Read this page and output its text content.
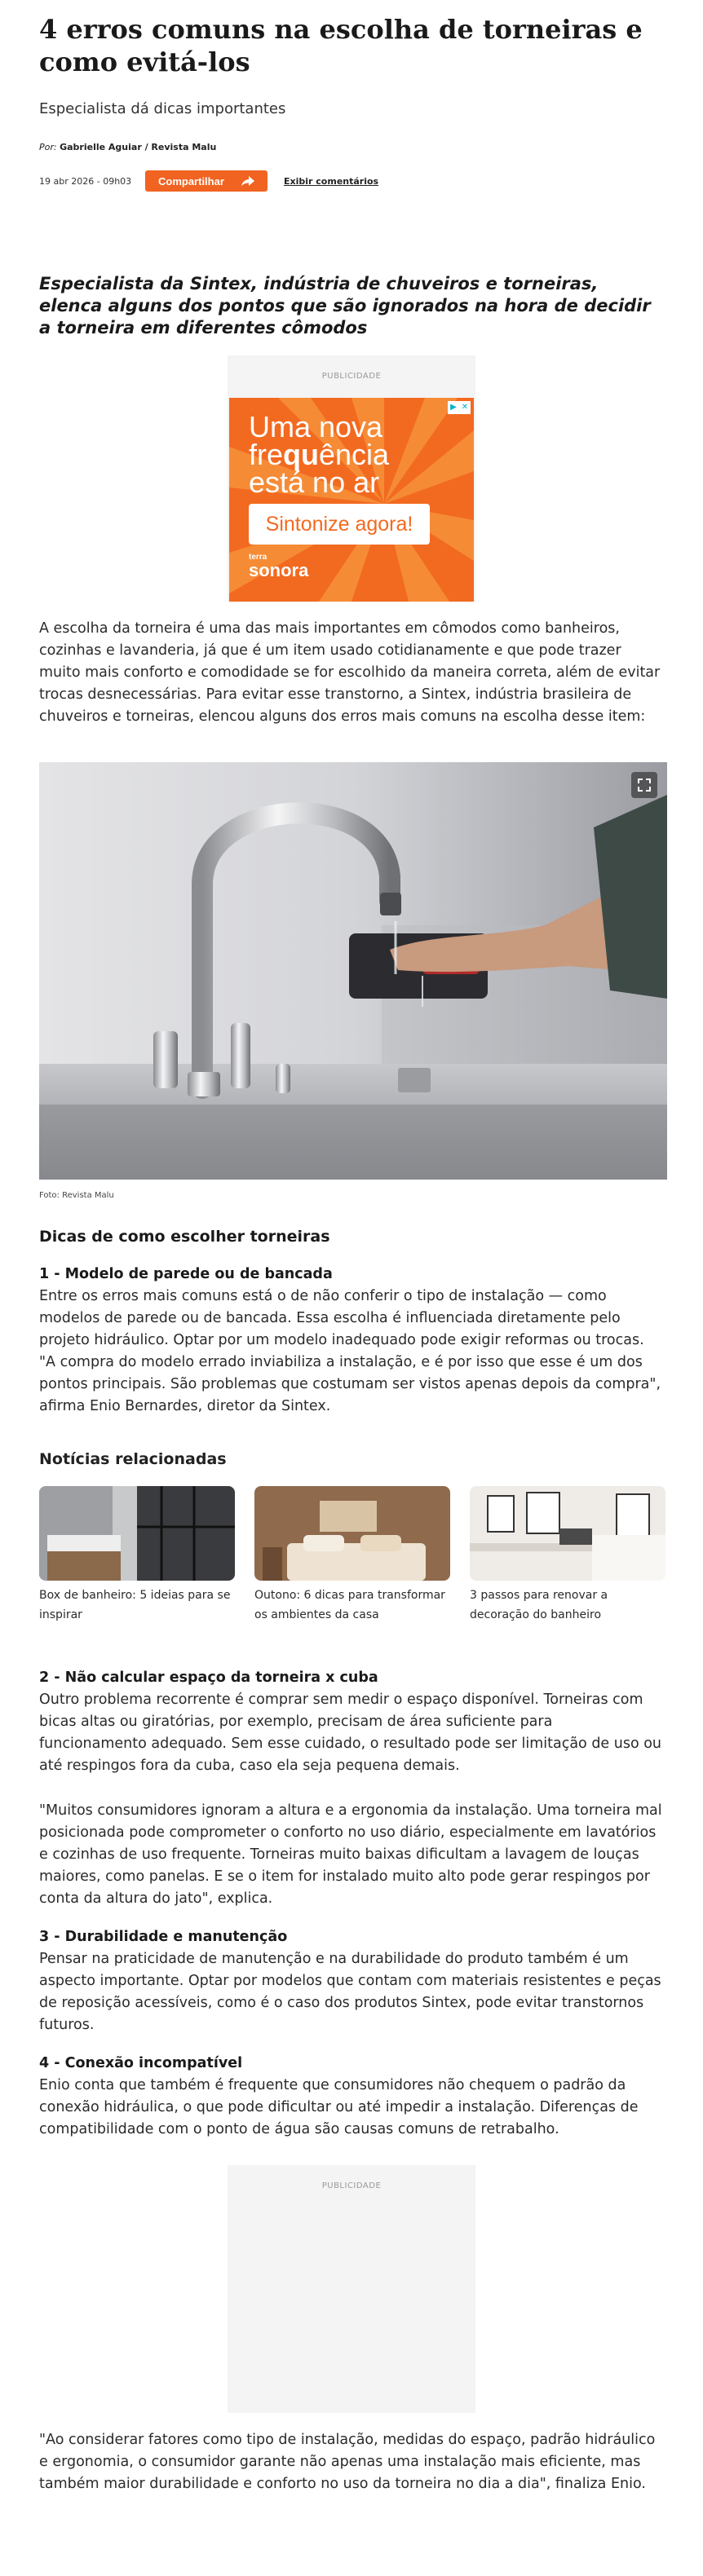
4 erros comuns na escolha de torneiras e como evitá-los
Especialista dá dicas importantes
Por: Gabrielle Aguiar / Revista Malu
19 abr 2026 - 09h03	Compartilhar	Exibir comentários
Especialista da Sintex, indústria de chuveiros e torneiras, elenca alguns dos pontos que são ignorados na hora de decidir a torneira em diferentes cômodos
PUBLICIDADE
▶ ✕
Uma nova
frequência
está no ar
Sintonize agora!
terra
sonora

A escolha da torneira é uma das mais importantes em cômodos como banheiros, cozinhas e lavanderia, já que é um item usado cotidianamente e que pode trazer muito mais conforto e comodidade se for escolhido da maneira correta, além de evitar trocas desnecessárias. Para evitar esse transtorno, a Sintex, indústria brasileira de chuveiros e torneiras, elencou alguns dos erros mais comuns na escolha desse item:

Foto: Revista Malu
Dicas de como escolher torneiras
1 - Modelo de parede ou de bancada

Entre os erros mais comuns está o de não conferir o tipo de instalação — como modelos de parede ou de bancada. Essa escolha é influenciada diretamente pelo projeto hidráulico. Optar por um modelo inadequado pode exigir reformas ou trocas. "A compra do modelo errado inviabiliza a instalação, e é por isso que esse é um dos pontos principais. São problemas que costumam ser vistos apenas depois da compra", afirma Enio Bernardes, diretor da Sintex.

Notícias relacionadas
Box de banheiro: 5 ideias para se inspirar
Outono: 6 dicas para transformar os ambientes da casa
3 passos para renovar a decoração do banheiro
2 - Não calcular espaço da torneira x cuba

Outro problema recorrente é comprar sem medir o espaço disponível. Torneiras com bicas altas ou giratórias, por exemplo, precisam de área suficiente para funcionamento adequado. Sem esse cuidado, o resultado pode ser limitação de uso ou até respingos fora da cuba, caso ela seja pequena demais.

"Muitos consumidores ignoram a altura e a ergonomia da instalação. Uma torneira mal posicionada pode comprometer o conforto no uso diário, especialmente em lavatórios e cozinhas de uso frequente. Torneiras muito baixas dificultam a lavagem de louças maiores, como panelas. E se o item for instalado muito alto pode gerar respingos por conta da altura do jato", explica.

3 - Durabilidade e manutenção

Pensar na praticidade de manutenção e na durabilidade do produto também é um aspecto importante. Optar por modelos que contam com materiais resistentes e peças de reposição acessíveis, como é o caso dos produtos Sintex, pode evitar transtornos futuros.

4 - Conexão incompatível

Enio conta que também é frequente que consumidores não chequem o padrão da conexão hidráulica, o que pode dificultar ou até impedir a instalação. Diferenças de compatibilidade com o ponto de água são causas comuns de retrabalho.

PUBLICIDADE

"Ao considerar fatores como tipo de instalação, medidas do espaço, padrão hidráulico e ergonomia, o consumidor garante não apenas uma instalação mais eficiente, mas também maior durabilidade e conforto no uso da torneira no dia a dia", finaliza Enio.
